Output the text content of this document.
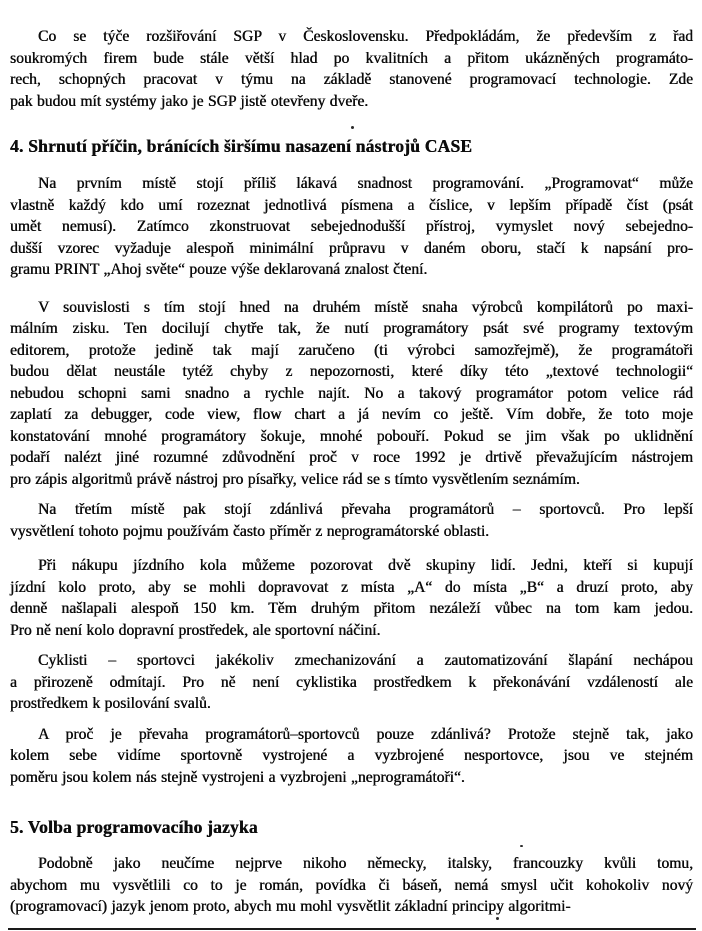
Co se týče rozšiřování SGP v Československu. Předpokládám, že především z řad
soukromých firem bude stále větší hlad po kvalitních a přitom ukázněných programáto-
rech, schopných pracovat v týmu na základě stanovené programovací technologie. Zde
pak budou mít systémy jako je SGP jistě otevřeny dveře.
4. Shrnutí příčin, bránících širšímu nasazení nástrojů CASE
Na prvním místě stojí příliš lákavá snadnost programování. „Programovat“ může
vlastně každý kdo umí rozeznat jednotlivá písmena a číslice, v lepším případě číst (psát
umět nemusí). Zatímco zkonstruovat sebejednodušší přístroj, vymyslet nový sebejedno-
dušší vzorec vyžaduje alespoň minimální průpravu v daném oboru, stačí k napsání pro-
gramu PRINT „Ahoj světe“ pouze výše deklarovaná znalost čtení.
V souvislosti s tím stojí hned na druhém místě snaha výrobců kompilátorů po maxi-
málním zisku. Ten docilují chytře tak, že nutí programátory psát své programy textovým
editorem, protože jedině tak mají zaručeno (ti výrobci samozřejmě), že programátoři
budou dělat neustále tytéž chyby z nepozornosti, které díky této „textové technologii“
nebudou schopni sami snadno a rychle najít. No a takový programátor potom velice rád
zaplatí za debugger, code view, flow chart a já nevím co ještě. Vím dobře, že toto moje
konstatování mnohé programátory šokuje, mnohé pobouří. Pokud se jim však po uklidnění
podaří nalézt jiné rozumné zdůvodnění proč v roce 1992 je drtivě převažujícím nástrojem
pro zápis algoritmů právě nástroj pro písařky, velice rád se s tímto vysvětlením seznámím.
Na třetím místě pak stojí zdánlivá převaha programátorů – sportovců. Pro lepší
vysvětlení tohoto pojmu používám často příměr z neprogramátorské oblasti.
Při nákupu jízdního kola můžeme pozorovat dvě skupiny lidí. Jedni, kteří si kupují
jízdní kolo proto, aby se mohli dopravovat z místa „A“ do místa „B“ a druzí proto, aby
denně našlapali alespoň 150 km. Těm druhým přitom nezáleží vůbec na tom kam jedou.
Pro ně není kolo dopravní prostředek, ale sportovní náčiní.
Cyklisti – sportovci jakékoliv zmechanizování a zautomatizování šlapání nechápou
a přirozeně odmítají. Pro ně není cyklistika prostředkem k překonávání vzdáleností ale
prostředkem k posilování svalů.
A proč je převaha programátorů–sportovců pouze zdánlivá? Protože stejně tak, jako
kolem sebe vidíme sportovně vystrojené a vyzbrojené nesportovce, jsou ve stejném
poměru jsou kolem nás stejně vystrojeni a vyzbrojeni „neprogramátoři“.
5. Volba programovacího jazyka
Podobně jako neučíme nejprve nikoho německy, italsky, francouzky kvůli tomu,
abychom mu vysvětlili co to je román, povídka či báseň, nemá smysl učit kohokoliv nový
(programovací) jazyk jenom proto, abych mu mohl vysvětlit základní principy algoritmi-
